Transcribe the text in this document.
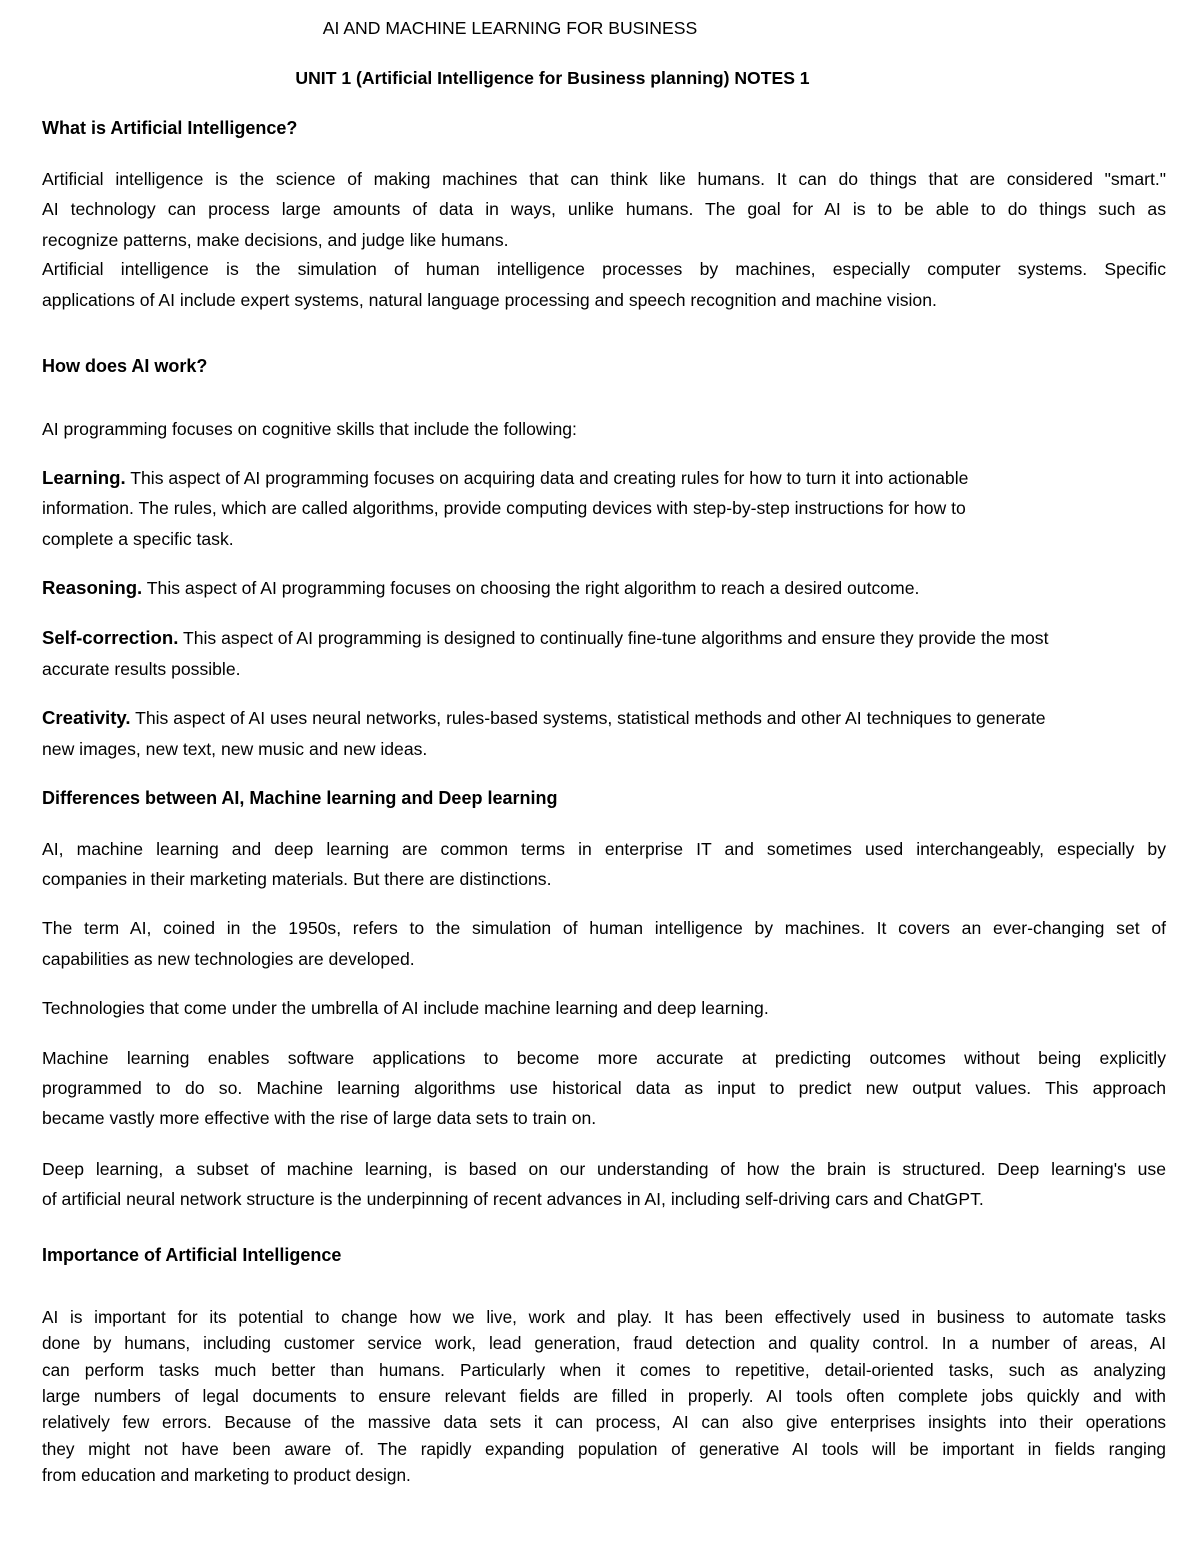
AI AND MACHINE LEARNING FOR BUSINESS
UNIT 1 (Artificial Intelligence for Business planning) NOTES 1
What is Artificial Intelligence?
Artificial intelligence is the science of making machines that can think like humans. It can do things that are considered "smart."
AI technology can process large amounts of data in ways, unlike humans. The goal for AI is to be able to do things such as
recognize patterns, make decisions, and judge like humans.
Artificial intelligence is the simulation of human intelligence processes by machines, especially computer systems. Specific
applications of AI include expert systems, natural language processing and speech recognition and machine vision.
How does AI work?
AI programming focuses on cognitive skills that include the following:
Learning. This aspect of AI programming focuses on acquiring data and creating rules for how to turn it into actionable
information. The rules, which are called algorithms, provide computing devices with step-by-step instructions for how to
complete a specific task.
Reasoning. This aspect of AI programming focuses on choosing the right algorithm to reach a desired outcome.
Self-correction. This aspect of AI programming is designed to continually fine-tune algorithms and ensure they provide the most
accurate results possible.
Creativity. This aspect of AI uses neural networks, rules-based systems, statistical methods and other AI techniques to generate
new images, new text, new music and new ideas.
Differences between AI, Machine learning and Deep learning
AI, machine learning and deep learning are common terms in enterprise IT and sometimes used interchangeably, especially by
companies in their marketing materials. But there are distinctions.
The term AI, coined in the 1950s, refers to the simulation of human intelligence by machines. It covers an ever-changing set of
capabilities as new technologies are developed.
Technologies that come under the umbrella of AI include machine learning and deep learning.
Machine learning enables software applications to become more accurate at predicting outcomes without being explicitly
programmed to do so. Machine learning algorithms use historical data as input to predict new output values. This approach
became vastly more effective with the rise of large data sets to train on.
Deep learning, a subset of machine learning, is based on our understanding of how the brain is structured. Deep learning's use
of artificial neural network structure is the underpinning of recent advances in AI, including self-driving cars and ChatGPT.
Importance of Artificial Intelligence
AI is important for its potential to change how we live, work and play. It has been effectively used in business to automate tasks
done by humans, including customer service work, lead generation, fraud detection and quality control. In a number of areas, AI
can perform tasks much better than humans. Particularly when it comes to repetitive, detail-oriented tasks, such as analyzing
large numbers of legal documents to ensure relevant fields are filled in properly. AI tools often complete jobs quickly and with
relatively few errors. Because of the massive data sets it can process, AI can also give enterprises insights into their operations
they might not have been aware of. The rapidly expanding population of generative AI tools will be important in fields ranging
from education and marketing to product design.
